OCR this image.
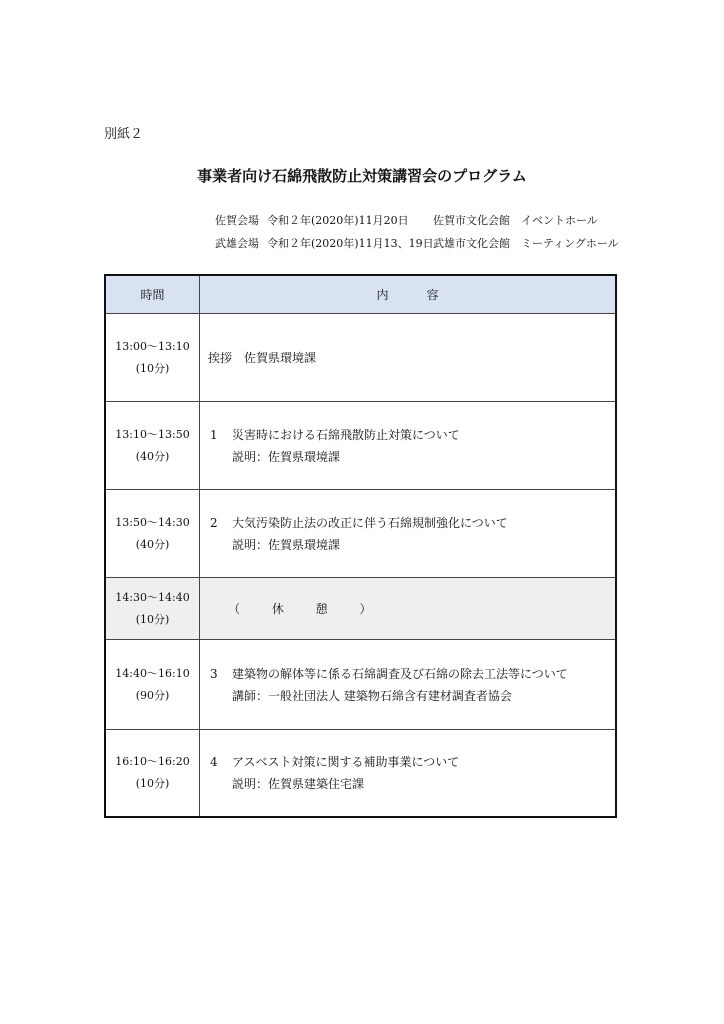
別紙２
事業者向け石綿飛散防止対策講習会のプログラム
佐賀会場 令和２年(2020年)11月20日 佐賀市文化会館　イベントホール
武雄会場 令和２年(2020年)11月13、19日武雄市文化会館　ミーティングホール
時間	内容
13:00～13:10
(10分)
挨拶　佐賀県環境課
13:10～13:50
(40分)
1 災害時における石綿飛散防止対策について
説明：佐賀県環境課
13:50～14:30
(40分)
2 大気汚染防止法の改正に伴う石綿規制強化について
説明：佐賀県環境課
14:30～14:40
(10分)
（ 休 憩 ）
14:40～16:10
(90分)
3 建築物の解体等に係る石綿調査及び石綿の除去工法等について
講師：一般社団法人 建築物石綿含有建材調査者協会
16:10～16:20
(10分)
4 アスベスト対策に関する補助事業について
説明：佐賀県建築住宅課
